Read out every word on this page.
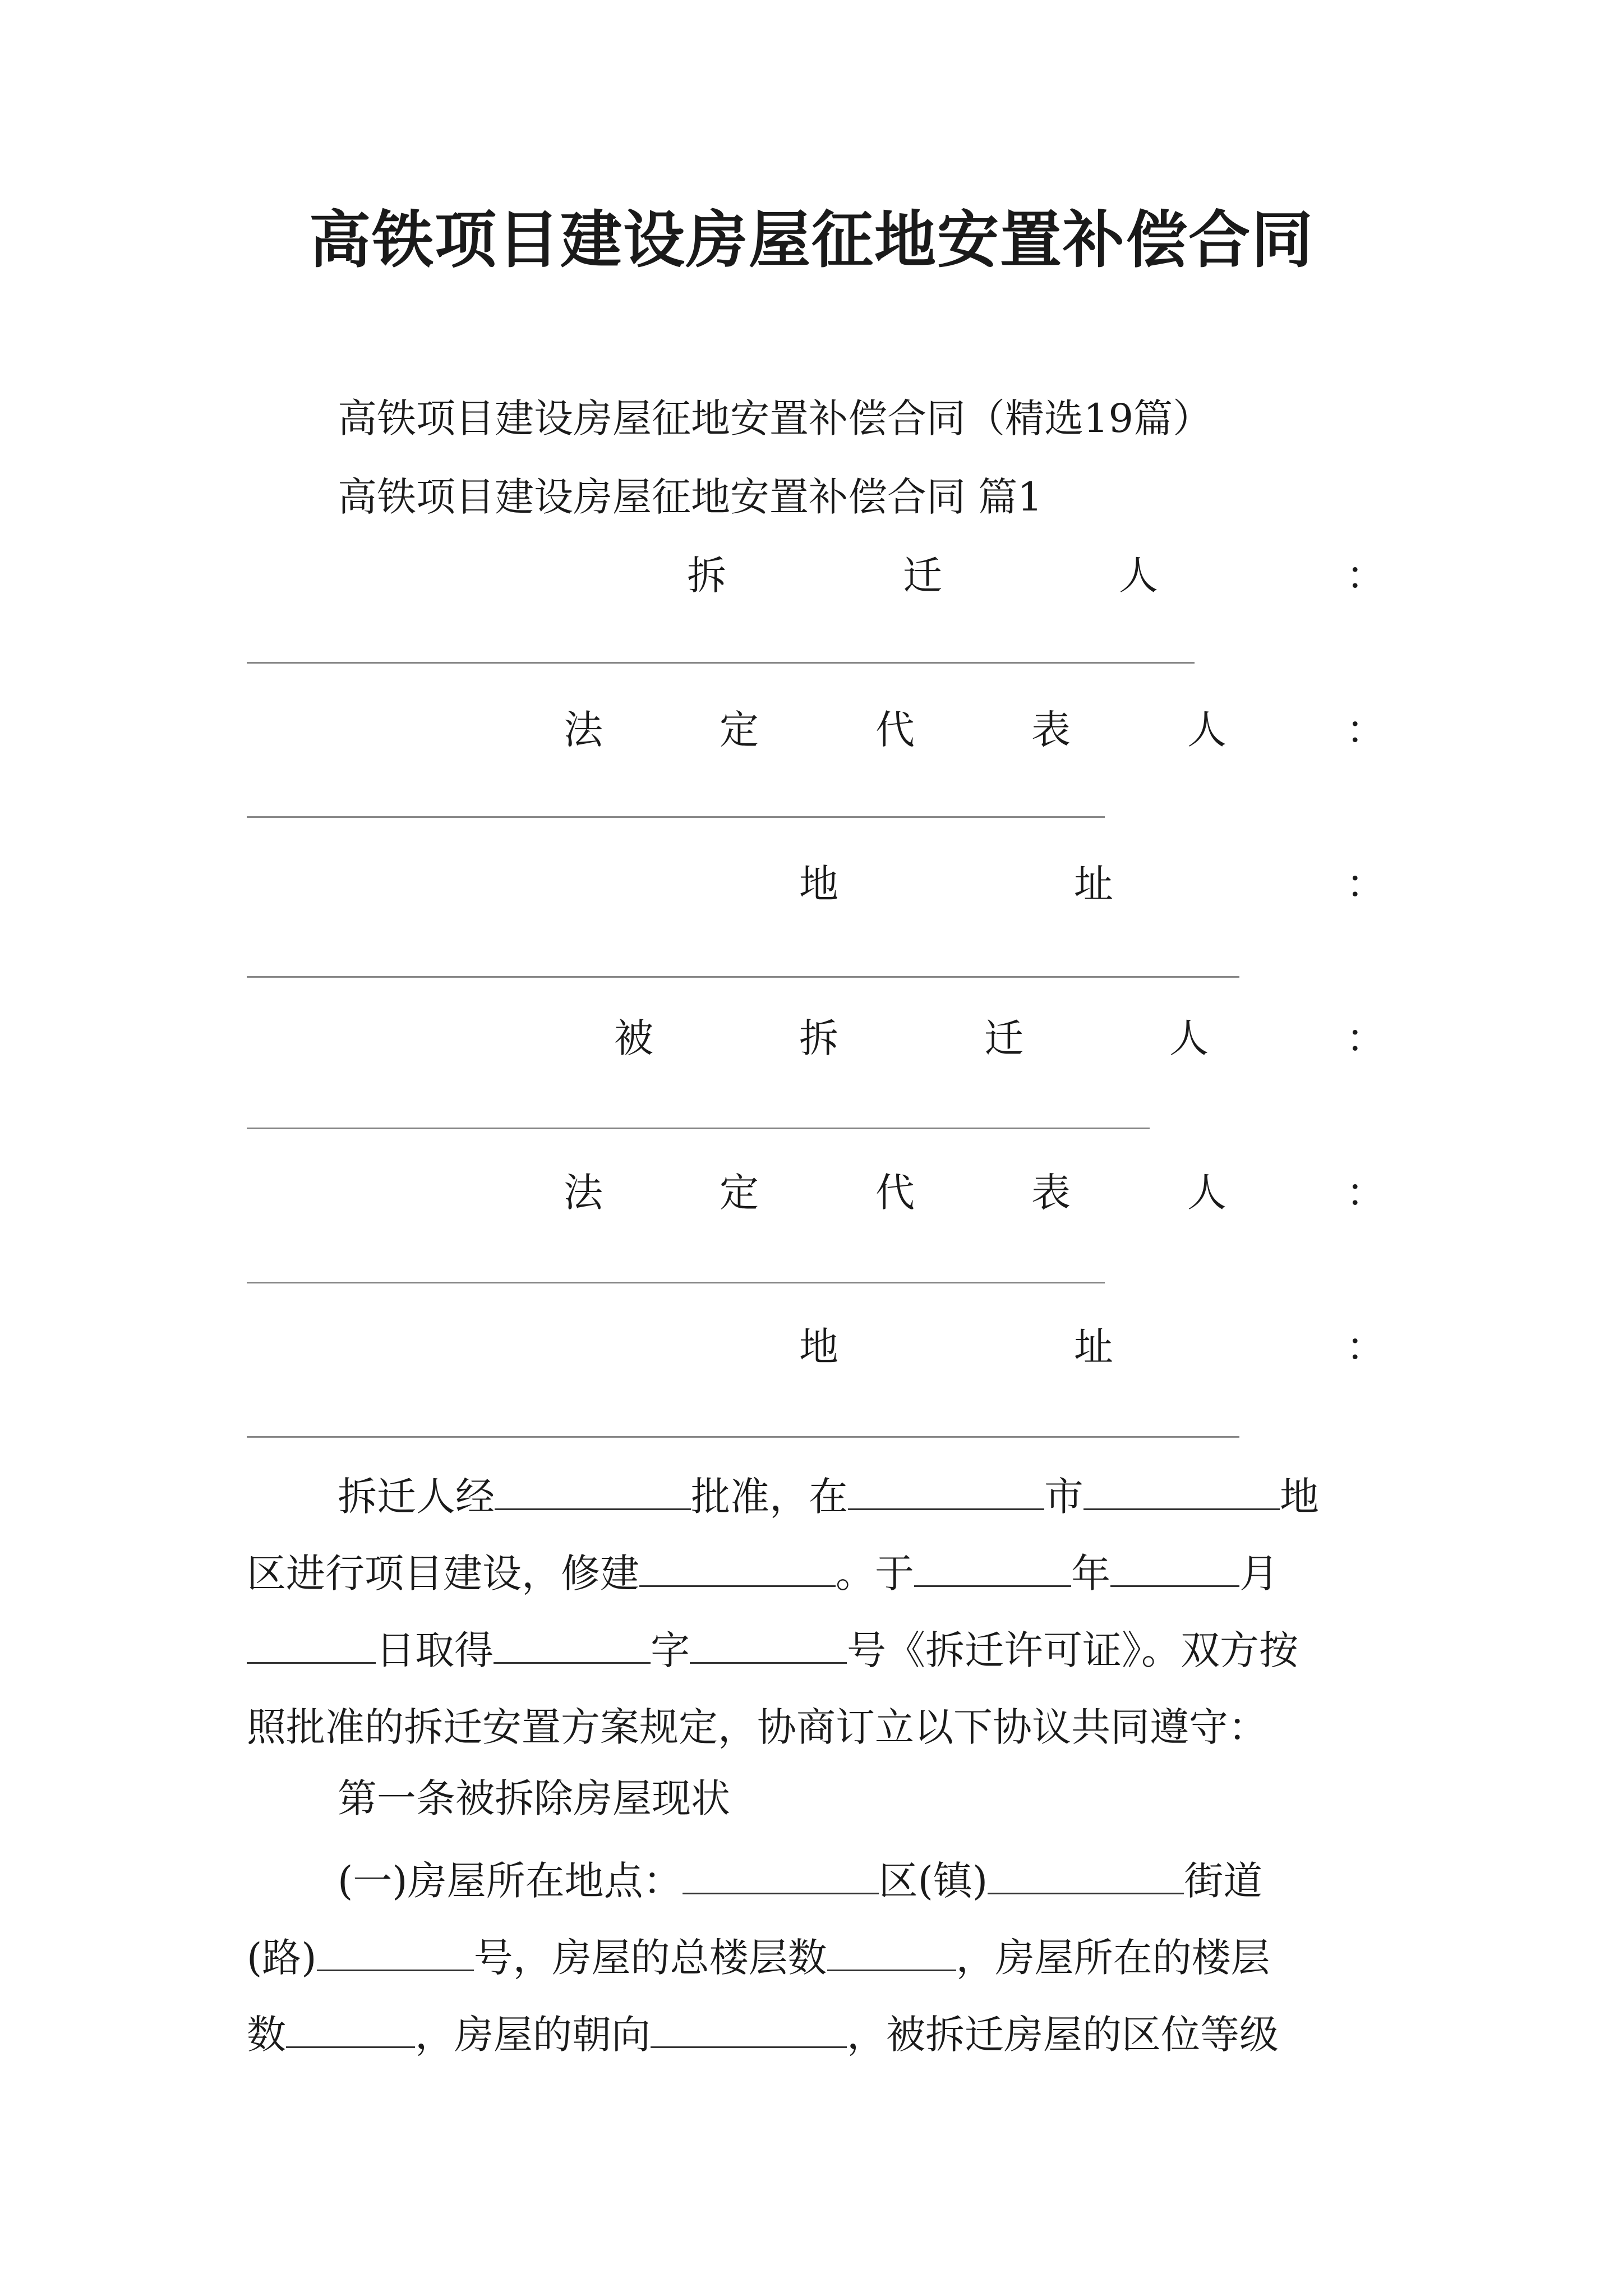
高铁项目建设房屋征地安置补偿合同
高铁项目建设房屋征地安置补偿合同（精选19篇）
高铁项目建设房屋征地安置补偿合同 篇1
拆	迁	人	：
法	定	代	表	人	：
地	址	：
被	拆	迁	人	：
法	定	代	表	人	：
地	址	：
拆迁人经	批准，在	市	地
区进行项目建设，修建	。于	年	月
日取得	字	号《拆迁许可证》。双方按
照批准的拆迁安置方案规定，协商订立以下协议共同遵守：
第一条被拆除房屋现状
(一)房屋所在地点：	区(镇)	街道
(路)	号，房屋的总楼层数	，房屋所在的楼层
数	，房屋的朝向	，被拆迁房屋的区位等级
